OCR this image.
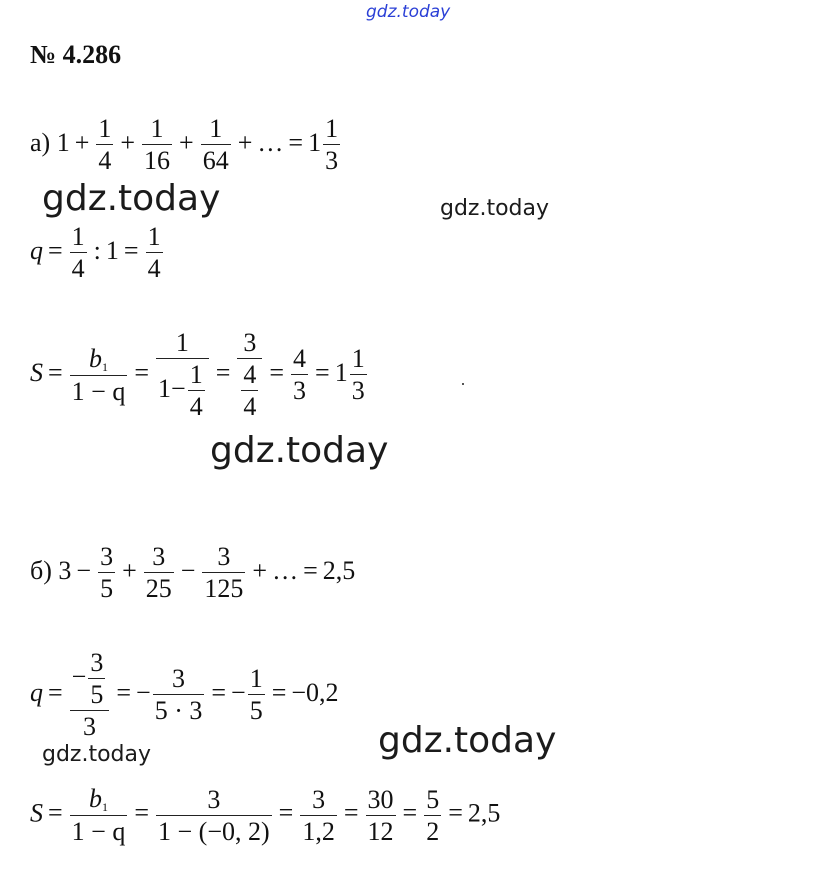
gdz.today
№ 4.286
а) $1 + \frac{1}{4} + \frac{1}{16} + \frac{1}{64}$ + … = $1 \frac{1}{3}$
gdz.today	gdz.today
$q = \frac{1}{4}$ : $1 = \frac{1}{4}$
$S = \frac{b_1}{1 - q} = \frac{1}{1- \frac{1}{4}} = \frac{3}{\frac{4}{4}} = \frac{4}{3} = 1 \frac{1}{3}$
gdz.today
б) $3 - \frac{3}{5} + \frac{3}{25} - \frac{3}{125}$ + … = 2,5
$q = \frac{- \frac{3}{5}}{3}$ = − $\frac{3}{5 \cdot 3}$ = − $\frac{1}{5} = -0,2$
gdz.today	gdz.today
$S = \frac{b_1}{1 - q} = \frac{3}{1 - (-0, 2)} = \frac{3}{1,2} = \frac{30}{12} = \frac{5}{2} = 2,5$
